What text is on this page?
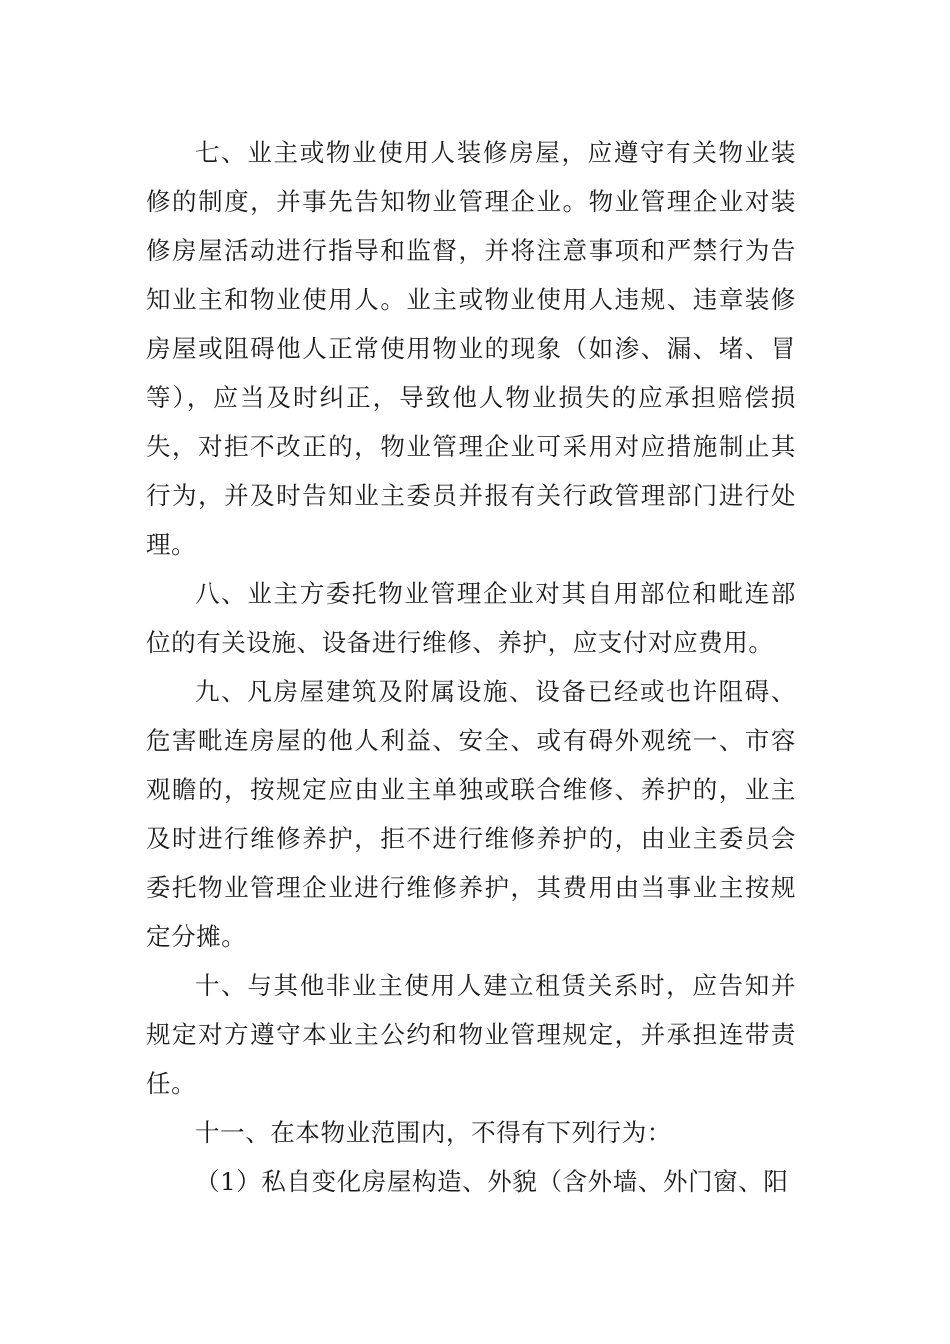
七、业主或物业使用人装修房屋，应遵守有关物业装修的制度，并事先告知物业管理企业。物业管理企业对装修房屋活动进行指导和监督，并将注意事项和严禁行为告知业主和物业使用人。业主或物业使用人违规、违章装修房屋或阻碍他人正常使用物业的现象（如渗、漏、堵、冒等），应当及时纠正，导致他人物业损失的应承担赔偿损失，对拒不改正的，物业管理企业可采用对应措施制止其行为，并及时告知业主委员并报有关行政管理部门进行处理。

八、业主方委托物业管理企业对其自用部位和毗连部位的有关设施、设备进行维修、养护，应支付对应费用。

九、凡房屋建筑及附属设施、设备已经或也许阻碍、危害毗连房屋的他人利益、安全、或有碍外观统一、市容观瞻的，按规定应由业主单独或联合维修、养护的，业主及时进行维修养护，拒不进行维修养护的，由业主委员会委托物业管理企业进行维修养护，其费用由当事业主按规定分摊。

十、与其他非业主使用人建立租赁关系时，应告知并规定对方遵守本业主公约和物业管理规定，并承担连带责任。

十一、在本物业范围内，不得有下列行为：

（1）私自变化房屋构造、外貌（含外墙、外门窗、阳
